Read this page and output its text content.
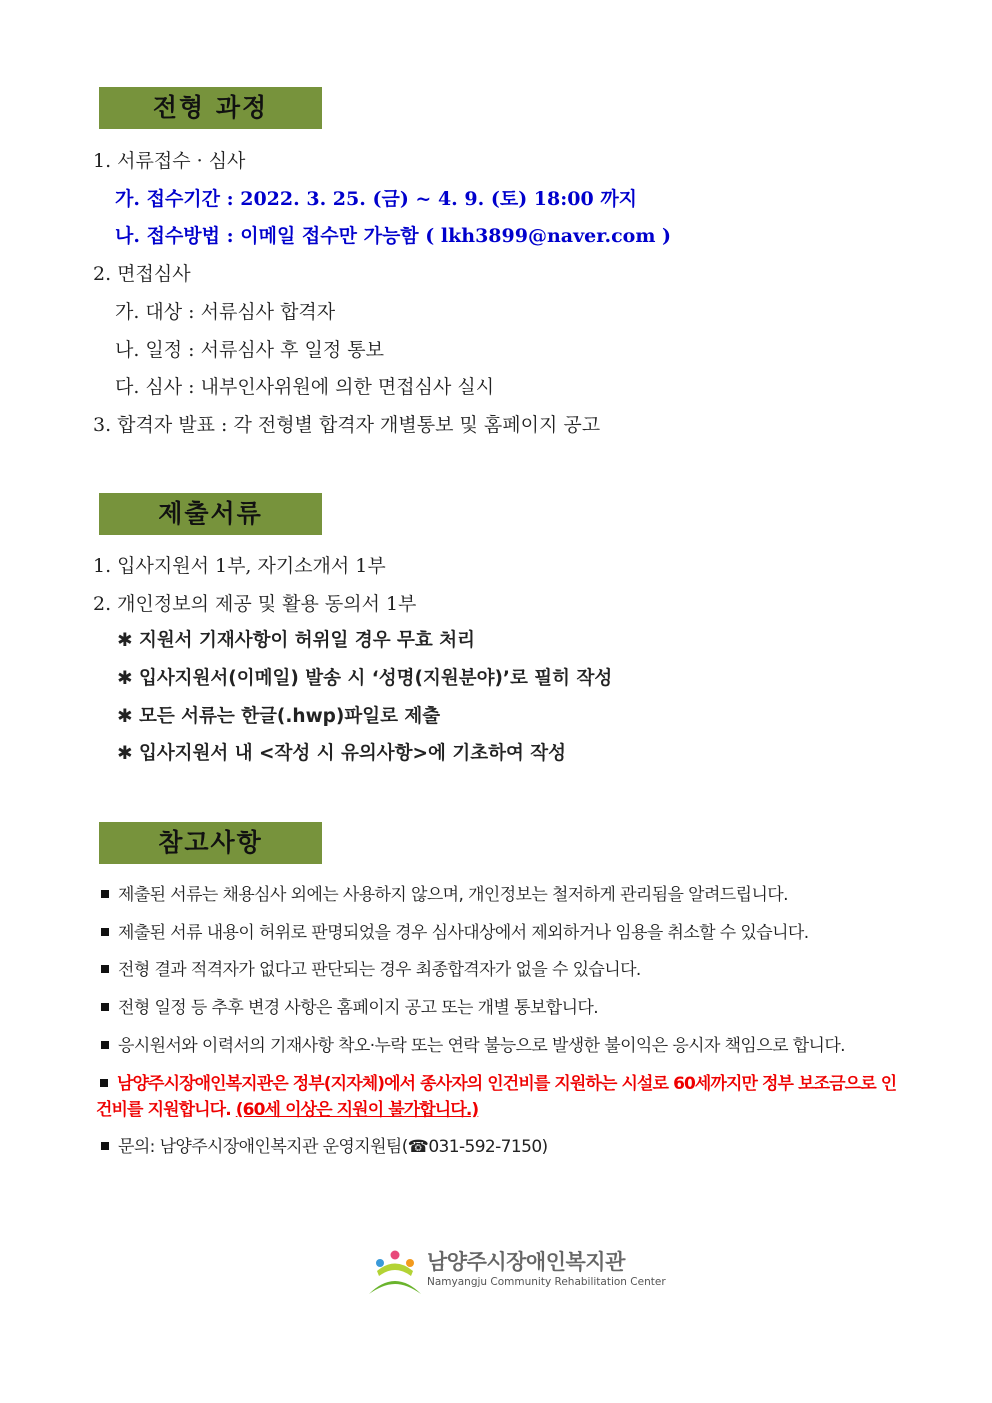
전형 과정
1. 서류접수 · 심사
가. 접수기간 : 2022. 3. 25. (금) ~ 4. 9. (토) 18:00 까지
나. 접수방법 : 이메일 접수만 가능함 ( lkh3899@naver.com )
2. 면접심사
가. 대상 : 서류심사 합격자
나. 일정 : 서류심사 후 일정 통보
다. 심사 : 내부인사위원에 의한 면접심사 실시
3. 합격자 발표 : 각 전형별 합격자 개별통보 및 홈페이지 공고
제출서류
1. 입사지원서 1부, 자기소개서 1부
2. 개인정보의 제공 및 활용 동의서 1부
✱ 지원서 기재사항이 허위일 경우 무효 처리
✱ 입사지원서(이메일) 발송 시 ‘성명(지원분야)’로 필히 작성
✱ 모든 서류는 한글(.hwp)파일로 제출
✱ 입사지원서 내 <작성 시 유의사항>에 기초하여 작성
참고사항
제출된 서류는 채용심사 외에는 사용하지 않으며, 개인정보는 철저하게 관리됨을 알려드립니다.
제출된 서류 내용이 허위로 판명되었을 경우 심사대상에서 제외하거나 임용을 취소할 수 있습니다.
전형 결과 적격자가 없다고 판단되는 경우 최종합격자가 없을 수 있습니다.
전형 일정 등 추후 변경 사항은 홈페이지 공고 또는 개별 통보합니다.
응시원서와 이력서의 기재사항 착오·누락 또는 연락 불능으로 발생한 불이익은 응시자 책임으로 합니다.
남양주시장애인복지관은 정부(지자체)에서 종사자의 인건비를 지원하는 시설로 60세까지만 정부 보조금으로 인건비를 지원합니다. (60세 이상은 지원이 불가합니다.)
문의: 남양주시장애인복지관 운영지원팀(☎031-592-7150)
남양주시장애인복지관
Namyangju Community Rehabilitation Center
